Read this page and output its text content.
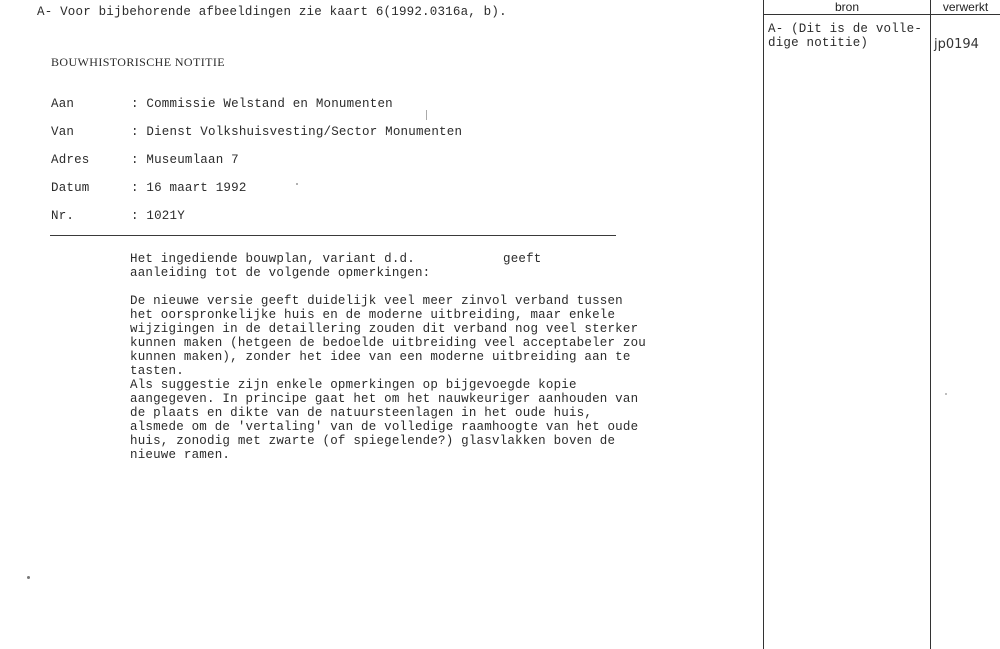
A- Voor bijbehorende afbeeldingen zie kaart 6(1992.0316a, b).
BOUWHISTORISCHE NOTITIE
Aan	: Commissie Welstand en Monumenten
Van	: Dienst Volkshuisvesting/Sector Monumenten
Adres	: Museumlaan 7
Datum	: 16 maart 1992
Nr.	: 1021Y
Het ingediende bouwplan, variant d.d.	geeft
aanleiding tot de volgende opmerkingen:
De nieuwe versie geeft duidelijk veel meer zinvol verband tussen
het oorspronkelijke huis en de moderne uitbreiding, maar enkele
wijzigingen in de detaillering zouden dit verband nog veel sterker
kunnen maken (hetgeen de bedoelde uitbreiding veel acceptabeler zou
kunnen maken), zonder het idee van een moderne uitbreiding aan te
tasten.
Als suggestie zijn enkele opmerkingen op bijgevoegde kopie
aangegeven. In principe gaat het om het nauwkeuriger aanhouden van
de plaats en dikte van de natuursteenlagen in het oude huis,
alsmede om de 'vertaling' van de volledige raamhoogte van het oude
huis, zonodig met zwarte (of spiegelende?) glasvlakken boven de
nieuwe ramen.
bron	verwerkt
A- (Dit is de volle-
dige notitie)	jp0194
